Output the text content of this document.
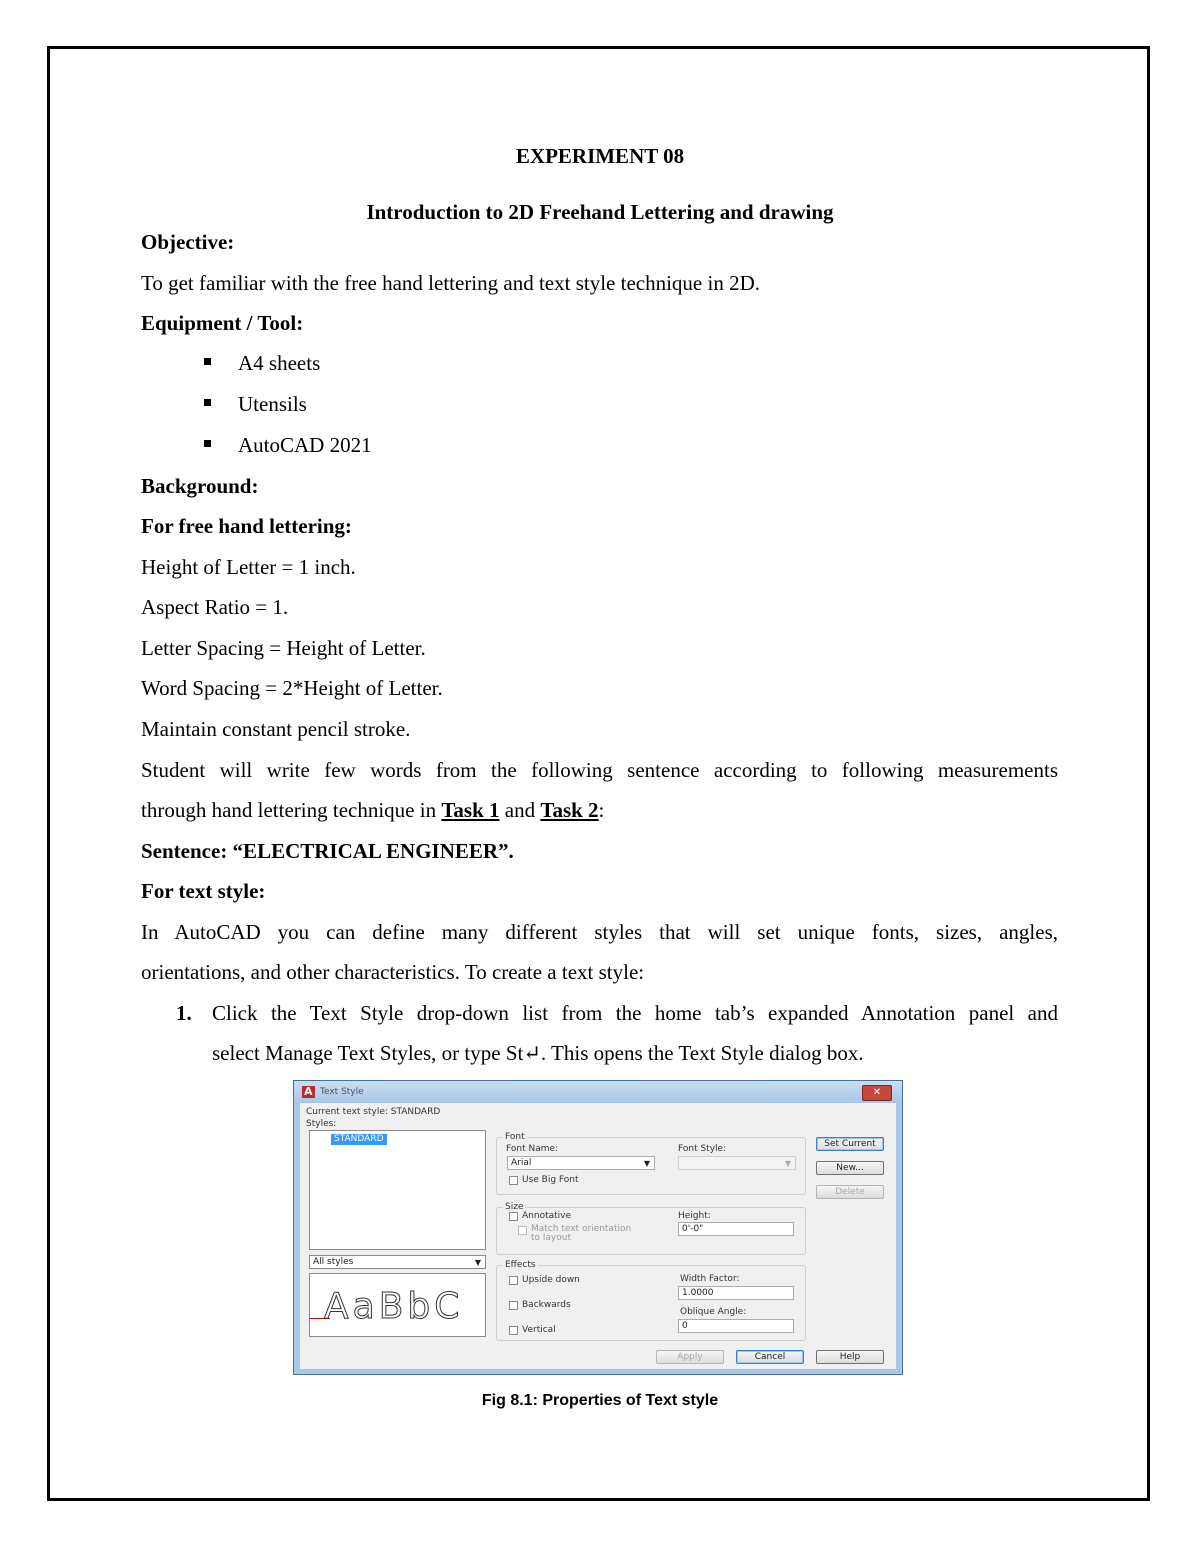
EXPERIMENT 08
Introduction to 2D Freehand Lettering and drawing
Objective:
To get familiar with the free hand lettering and text style technique in 2D.
Equipment / Tool:
A4 sheets
Utensils
AutoCAD 2021
Background:
For free hand lettering:
Height of Letter = 1 inch.
Aspect Ratio = 1.
Letter Spacing = Height of Letter.
Word Spacing = 2*Height of Letter.
Maintain constant pencil stroke.
Student will write few words from the following sentence according to following measurements
through hand lettering technique in Task 1 and Task 2:
Sentence: “ELECTRICAL ENGINEER”.
For text style:
In AutoCAD you can define many different styles that will set unique fonts, sizes, angles,
orientations, and other characteristics. To create a text style:
1. Click the Text Style drop-down list from the home tab’s expanded Annotation panel and
select Manage Text Styles, or type St↵. This opens the Text Style dialog box.
A Text Style	✕
Current text style: STANDARD
Styles:
STANDARD
All styles	▼
AaBbC
Font
Font Name:
Arial	▼
Font Style:
▼
Use Big Font
Size
Annotative
Match text orientation to layout
Height:
0'-0"
Effects
Upside down
Backwards
Vertical
Width Factor:
1.0000
Oblique Angle:
0
Set Current
New...
Delete
Apply	Cancel	Help
Fig 8.1: Properties of Text style
